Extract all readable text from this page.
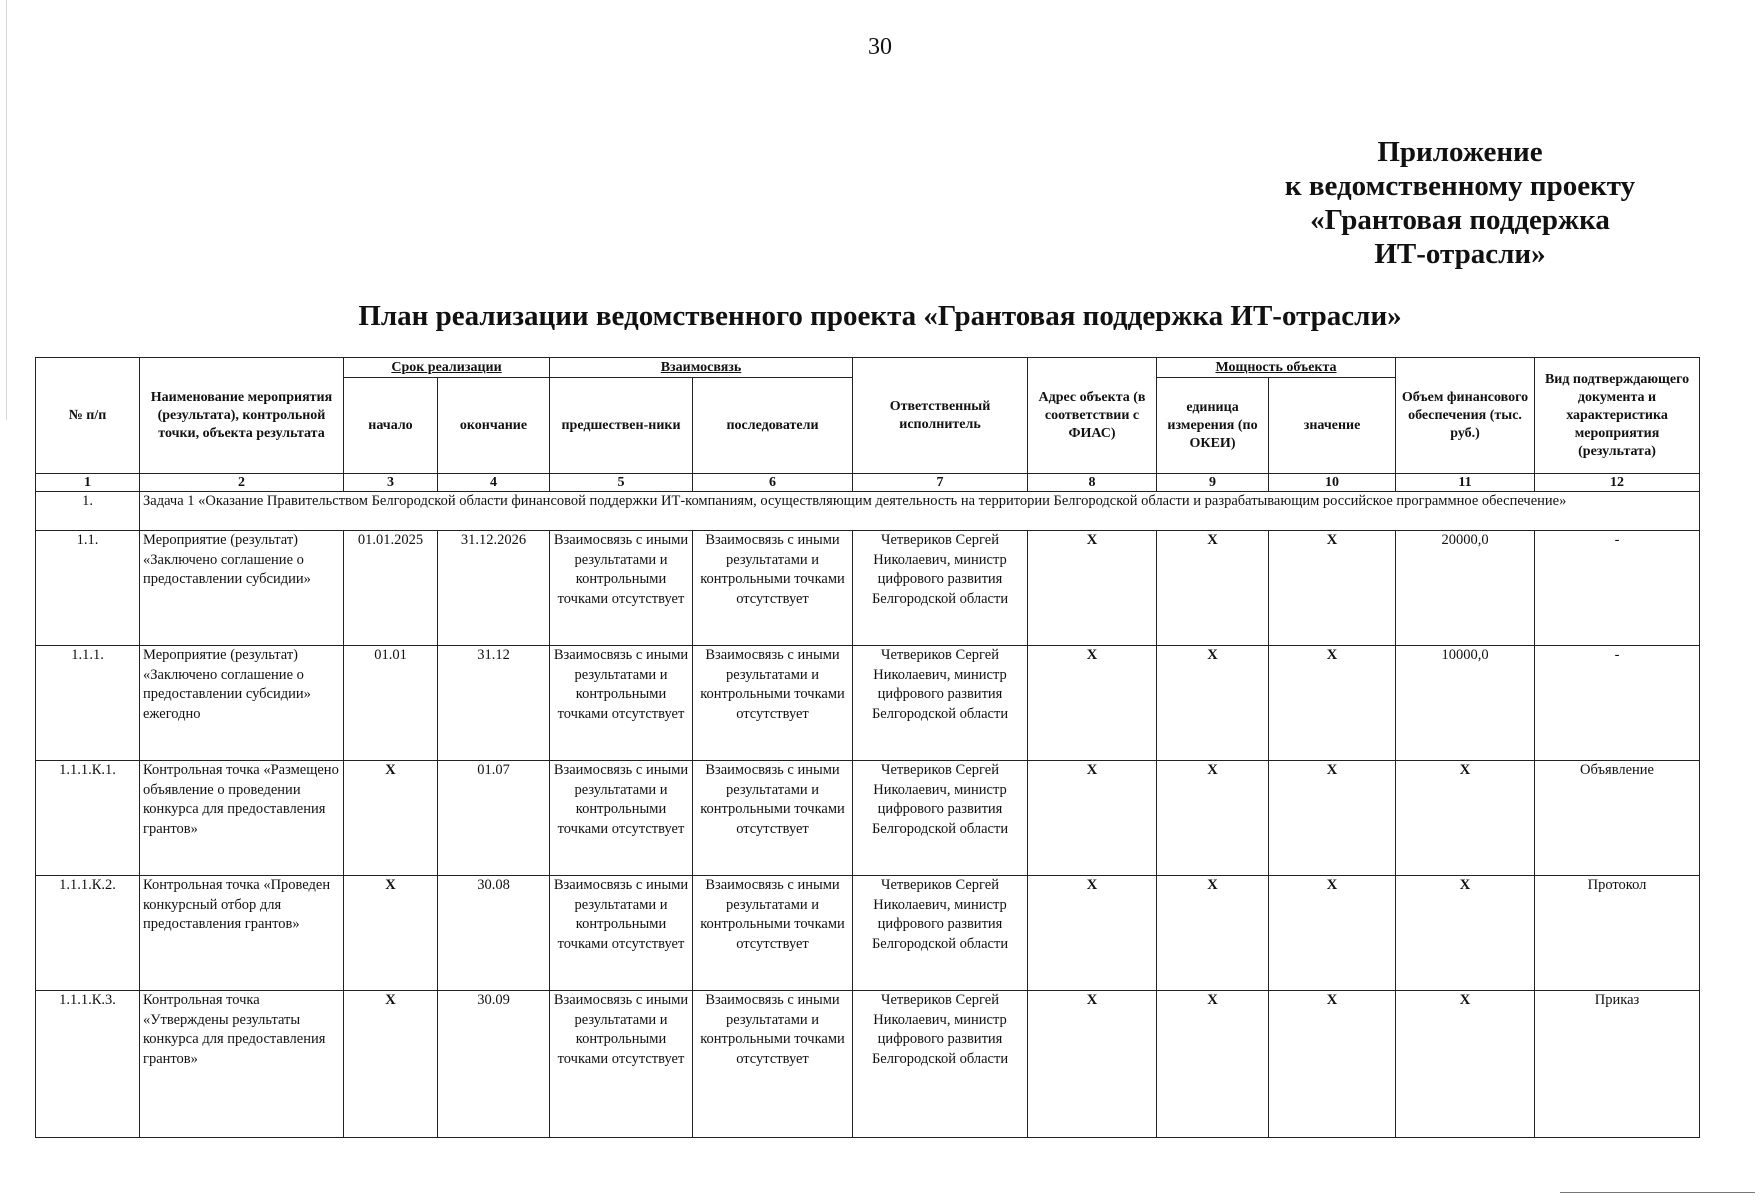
30
Приложение
к ведомственному проекту
«Грантовая поддержка
ИТ-отрасли»
План реализации ведомственного проекта «Грантовая поддержка ИТ-отрасли»
№ п/п	Наименование мероприятия (результата), контрольной точки, объекта результата	Срок реализации		Взаимосвязь		Ответственный исполнитель	Адрес объекта (в соответствии с ФИАС)	Мощность объекта		Объем финансового обеспечения (тыс. руб.)	Вид подтверждающего документа и характеристика мероприятия (результата)
		начало	окончание	предшествен-ники	последователи			единица измерения (по ОКЕИ)	значение		
1	2	3	4	5	6	7	8	9	10	11	12
1.	Задача 1 «Оказание Правительством Белгородской области финансовой поддержки ИТ-компаниям, осуществляющим деятельность на территории Белгородской области и разрабатывающим российское программное обеспечение»										
1.1.	Мероприятие (результат) «Заключено соглашение о предоставлении субсидии»	01.01.2025	31.12.2026	Взаимосвязь с иными результатами и контрольными точками отсутствует	Взаимосвязь с иными результатами и контрольными точками отсутствует	Четвериков Сергей Николаевич, министр цифрового развития Белгородской области	X	X	X	20000,0	-
1.1.1.	Мероприятие (результат) «Заключено соглашение о предоставлении субсидии» ежегодно	01.01	31.12	Взаимосвязь с иными результатами и контрольными точками отсутствует	Взаимосвязь с иными результатами и контрольными точками отсутствует	Четвериков Сергей Николаевич, министр цифрового развития Белгородской области	X	X	X	10000,0	-
1.1.1.К.1.	Контрольная точка «Размещено объявление о проведении конкурса для предоставления грантов»	X	01.07	Взаимосвязь с иными результатами и контрольными точками отсутствует	Взаимосвязь с иными результатами и контрольными точками отсутствует	Четвериков Сергей Николаевич, министр цифрового развития Белгородской области	X	X	X	X	Объявление
1.1.1.К.2.	Контрольная точка «Проведен конкурсный отбор для предоставления грантов»	X	30.08	Взаимосвязь с иными результатами и контрольными точками отсутствует	Взаимосвязь с иными результатами и контрольными точками отсутствует	Четвериков Сергей Николаевич, министр цифрового развития Белгородской области	X	X	X	X	Протокол
1.1.1.К.3.	Контрольная точка «Утверждены результаты конкурса для предоставления грантов»	X	30.09	Взаимосвязь с иными результатами и контрольными точками отсутствует	Взаимосвязь с иными результатами и контрольными точками отсутствует	Четвериков Сергей Николаевич, министр цифрового развития Белгородской области	X	X	X	X	Приказ
